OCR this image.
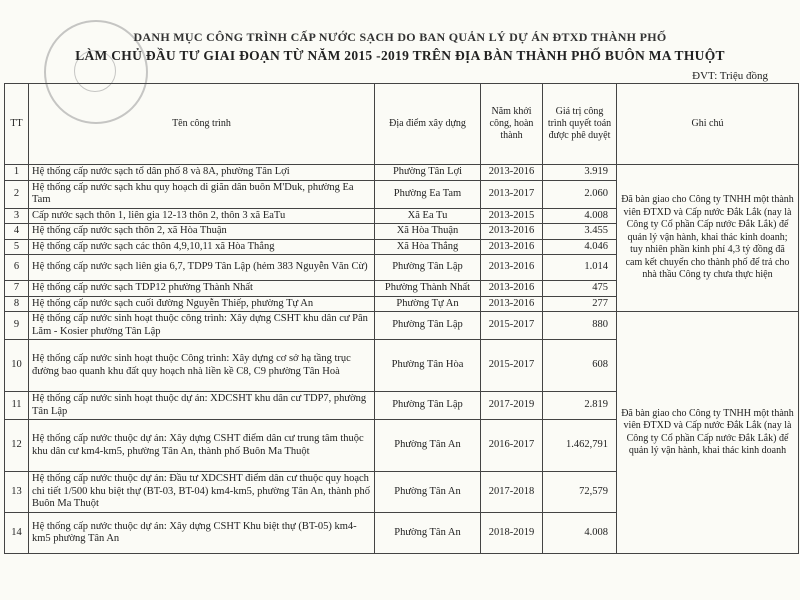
DANH MỤC CÔNG TRÌNH CẤP NƯỚC SẠCH DO BAN QUẢN LÝ DỰ ÁN ĐTXD THÀNH PHỐ
LÀM CHỦ ĐẦU TƯ GIAI ĐOẠN TỪ NĂM 2015 -2019 TRÊN ĐỊA BÀN THÀNH PHỐ BUÔN MA THUỘT
ĐVT: Triệu đồng
TT	Tên công trình	Địa điểm xây dựng	Năm khởi công, hoàn thành	Giá trị công trình quyết toán được phê duyệt	Ghi chú
1	Hệ thống cấp nước sạch tổ dân phố 8 và 8A, phường Tân Lợi	Phường Tân Lợi	2013-2016	3.919	Đã bàn giao cho Công ty TNHH một thành viên ĐTXD và Cấp nước Đắk Lắk (nay là Công ty Cổ phần Cấp nước Đắk Lắk) để quản lý vận hành, khai thác kinh doanh; tuy nhiên phần kinh phí 4,3 tỷ đồng đã cam kết chuyển cho thành phố để trả cho nhà thầu Công ty chưa thực hiện
2	Hệ thống cấp nước sạch khu quy hoạch di giãn dân buôn M'Duk, phường Ea Tam	Phường Ea Tam	2013-2017	2.060	
3	Cấp nước sạch thôn 1, liên gia 12-13 thôn 2, thôn 3 xã EaTu	Xã Ea Tu	2013-2015	4.008	
4	Hệ thống cấp nước sạch thôn 2, xã Hòa Thuận	Xã Hòa Thuận	2013-2016	3.455	
5	Hệ thống cấp nước sạch các thôn 4,9,10,11 xã Hòa Thắng	Xã Hòa Thắng	2013-2016	4.046	
6	Hệ thống cấp nước sạch liên gia 6,7, TDP9 Tân Lập (hẻm 383 Nguyễn Văn Cừ)	Phường Tân Lập	2013-2016	1.014	
7	Hệ thống cấp nước sạch TDP12 phường Thành Nhất	Phường Thành Nhất	2013-2016	475	
8	Hệ thống cấp nước sạch cuối đường Nguyễn Thiếp, phường Tự An	Phường Tự An	2013-2016	277	
9	Hệ thống cấp nước sinh hoạt thuộc công trình: Xây dựng CSHT khu dân cư Pân Lăm - Kosier phường Tân Lập	Phường Tân Lập	2015-2017	880	Đã bàn giao cho Công ty TNHH một thành viên ĐTXD và Cấp nước Đắk Lắk (nay là Công ty Cổ phần Cấp nước Đắk Lắk) để quản lý vận hành, khai thác kinh doanh
10	Hệ thống cấp nước sinh hoạt thuộc Công trình: Xây dựng cơ sở hạ tầng trục đường bao quanh khu đất quy hoạch nhà liền kề C8, C9 phường Tân Hoà	Phường Tân Hòa	2015-2017	608	
11	Hệ thống cấp nước sinh hoạt thuộc dự án: XDCSHT khu dân cư TDP7, phường Tân Lập	Phường Tân Lập	2017-2019	2.819	
12	Hệ thống cấp nước thuộc dự án: Xây dựng CSHT điểm dân cư trung tâm thuộc khu dân cư km4-km5, phường Tân An, thành phố Buôn Ma Thuột	Phường Tân An	2016-2017	1.462,791	
13	Hệ thống cấp nước thuộc dự án: Đầu tư XDCSHT điểm dân cư thuộc quy hoạch chi tiết 1/500 khu biệt thự (BT-03, BT-04) km4-km5, phường Tân An, thành phố Buôn Ma Thuột	Phường Tân An	2017-2018	72,579	
14	Hệ thống cấp nước thuộc dự án: Xây dựng CSHT Khu biệt thự (BT-05) km4-km5 phường Tân An	Phường Tân An	2018-2019	4.008	
